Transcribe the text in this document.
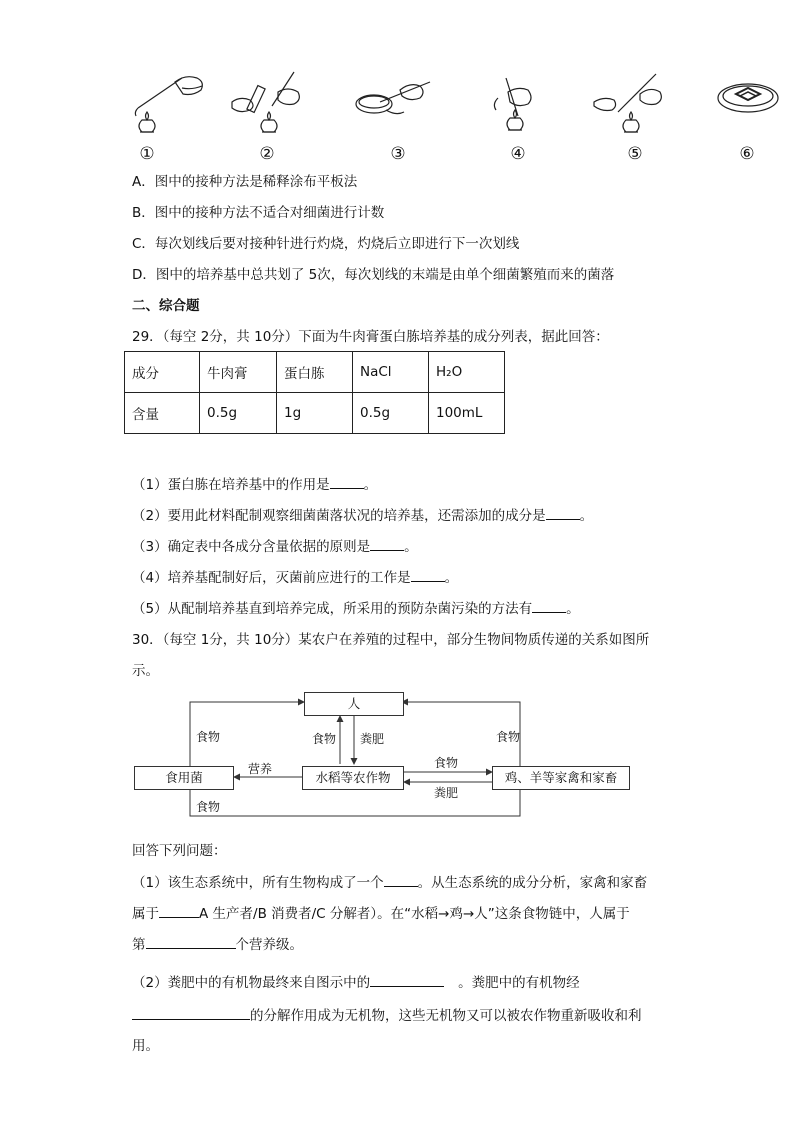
①	②	③	④	⑤	⑥
A．图中的接种方法是稀释涂布平板法
B．图中的接种方法不适合对细菌进行计数
C．每次划线后要对接种针进行灼烧，灼烧后立即进行下一次划线
D．图中的培养基中总共划了 5次，每次划线的末端是由单个细菌繁殖而来的菌落
二、综合题
29．（每空 2分，共 10分）下面为牛肉膏蛋白胨培养基的成分列表，据此回答：
成分	牛肉膏	蛋白胨	NaCl	H₂O
含量	0.5g	1g	0.5g	100mL
（1）蛋白胨在培养基中的作用是	。
（2）要用此材料配制观察细菌菌落状况的培养基，还需添加的成分是	。
（3）确定表中各成分含量依据的原则是	。
（4）培养基配制好后，灭菌前应进行的工作是	。
（5）从配制培养基直到培养完成，所采用的预防杂菌污染的方法有	。
30．（每空 1分，共 10分）某农户在养殖的过程中，部分生物间物质传递的关系如图所
示。
人
食用菌	水稻等农作物	鸡、羊等家禽和家畜
食物	食物 粪肥	食物
营养	食物
粪肥
食物
回答下列问题：
（1）该生态系统中，所有生物构成了一个	。从生态系统的成分分析，家禽和家畜
属于	A 生产者/B 消费者/C 分解者）。在“水稻→鸡→人”这条食物链中，人属于
第	个营养级。
（2）粪肥中的有机物最终来自图示中的	。粪肥中的有机物经
的分解作用成为无机物，这些无机物又可以被农作物重新吸收和利
用。
